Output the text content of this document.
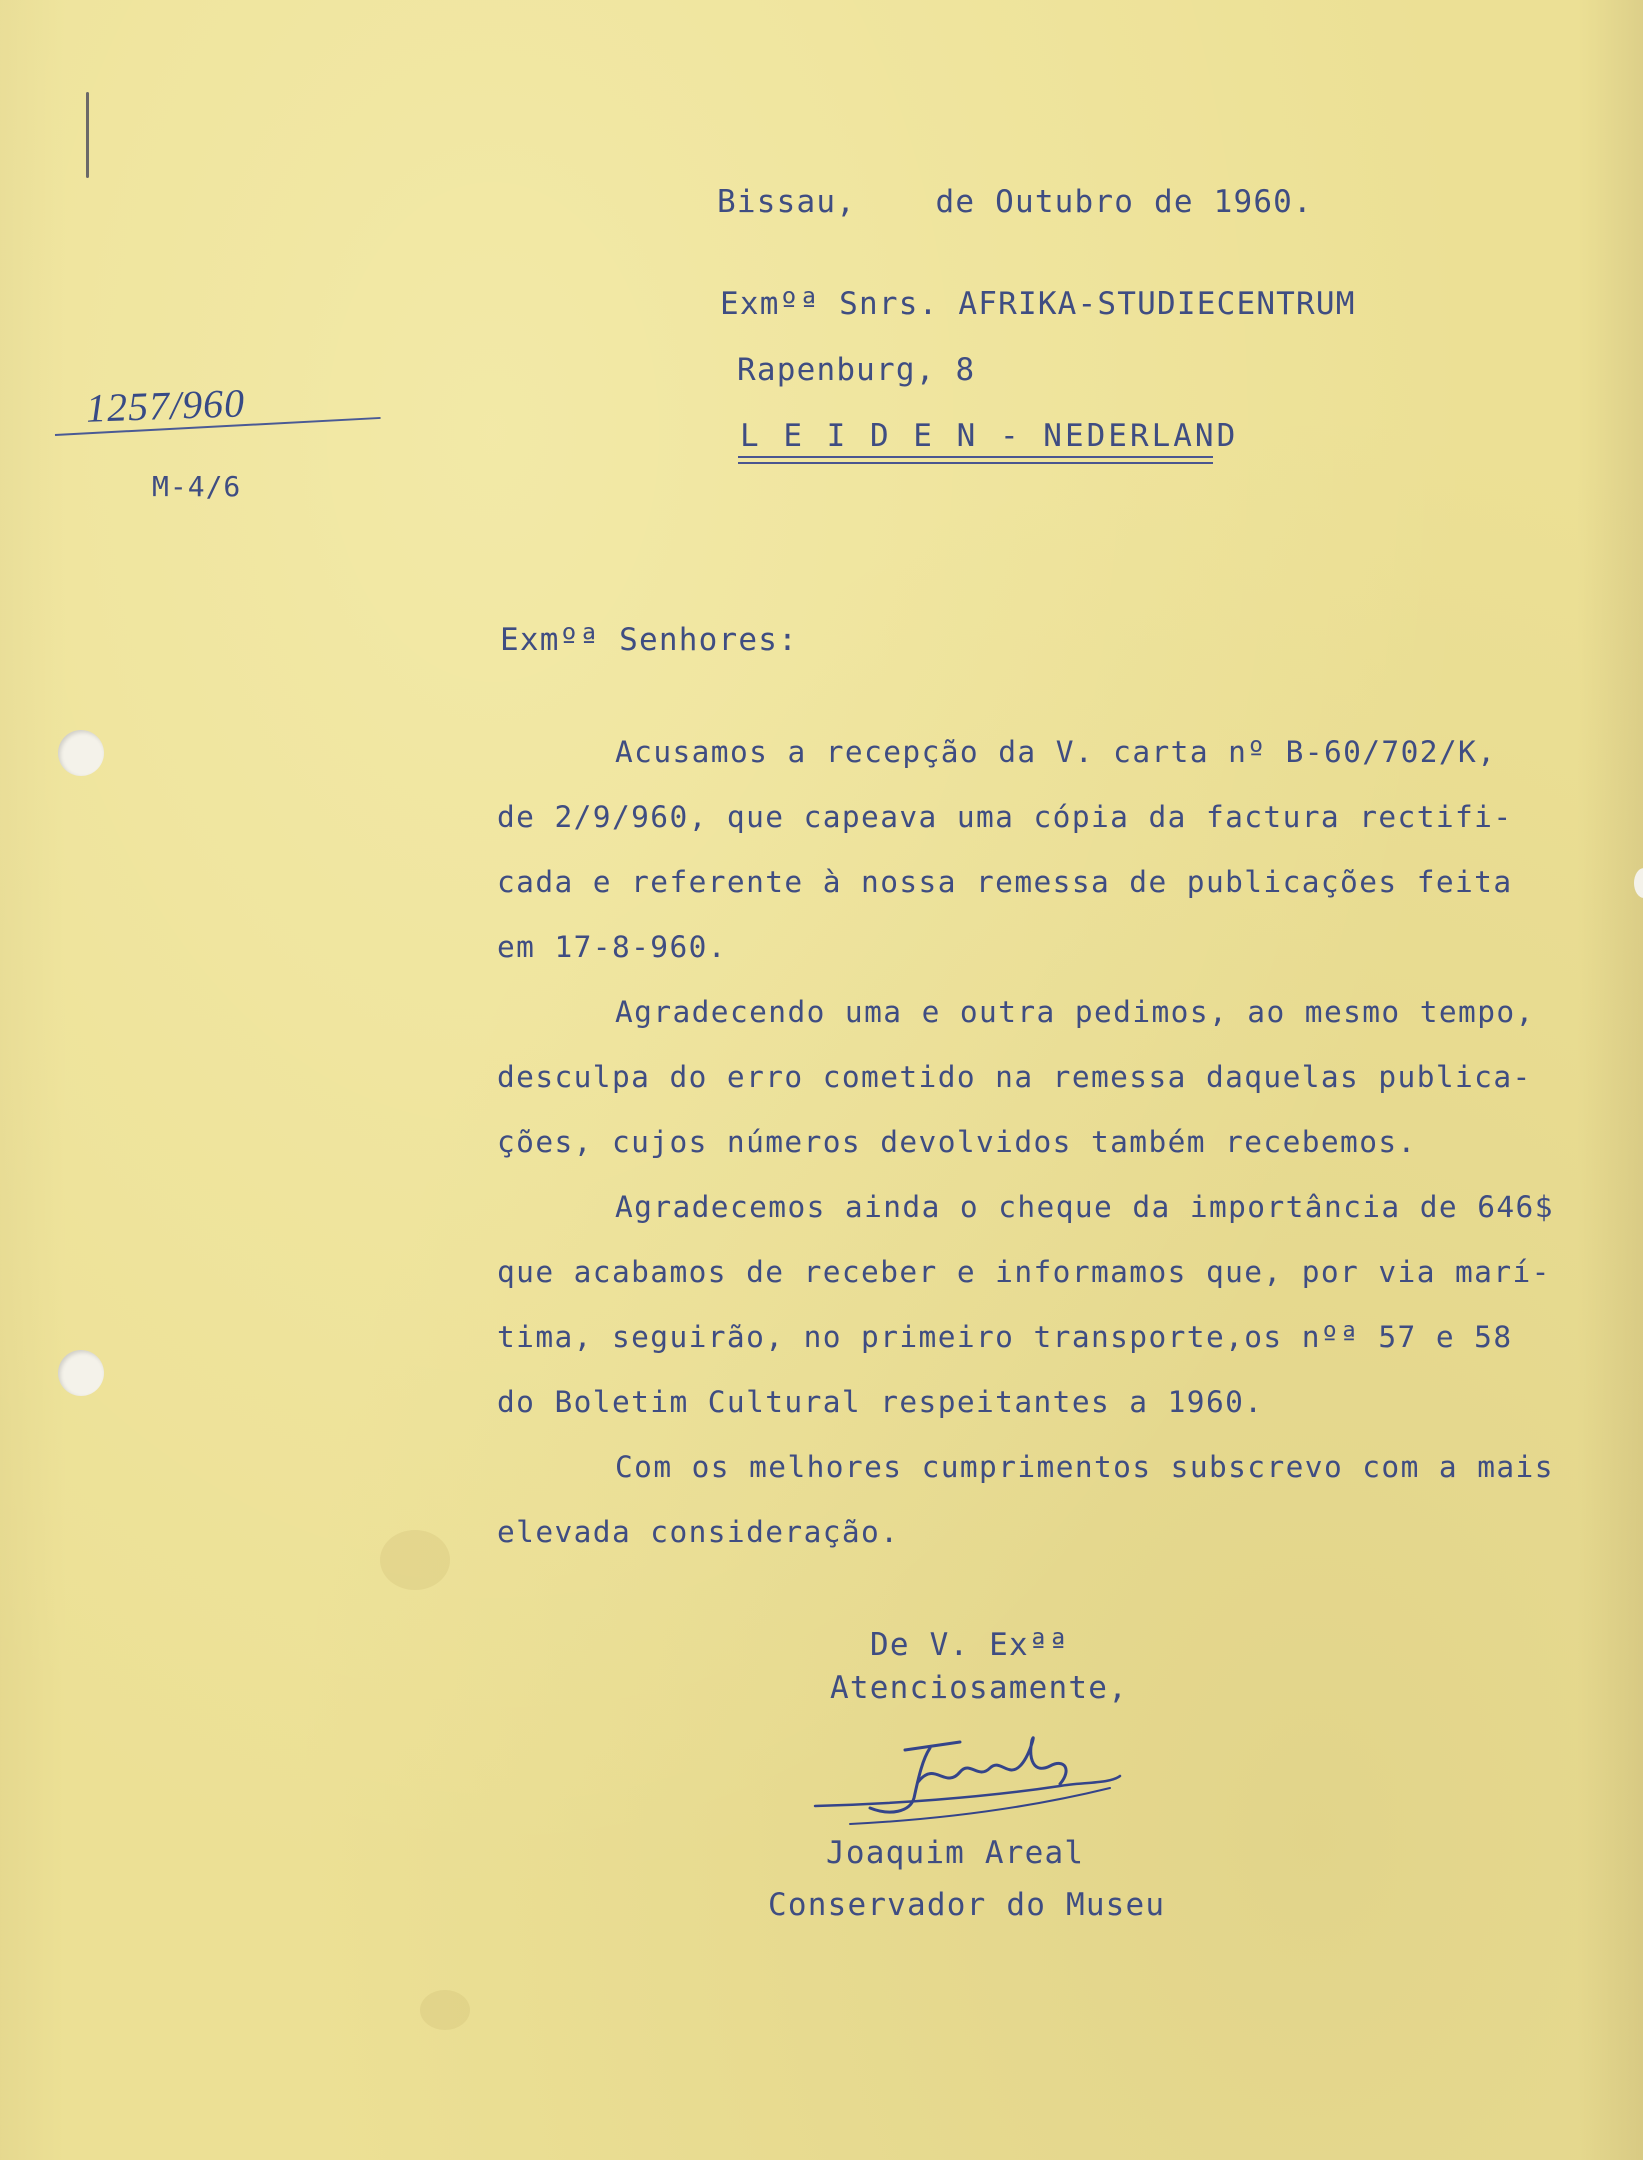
Bissau,    de Outubro de 1960.
Exmºª Snrs. AFRIKA-STUDIECENTRUM
Rapenburg, 8
L E I D E N - NEDERLAND
1257/960
M-4/6
Exmºª Senhores:

Acusamos a recepção da V. carta nº B-60/702/K,
de 2/9/960, que capeava uma cópia da factura rectifi-
cada e referente à nossa remessa de publicações feita
em 17-8-960.

Agradecendo uma e outra pedimos, ao mesmo tempo,
desculpa do erro cometido na remessa daquelas publica-
ções, cujos números devolvidos também recebemos.

Agradecemos ainda o cheque da importância de 646$
que acabamos de receber e informamos que, por via marí-
tima, seguirão, no primeiro transporte,os nºª 57 e 58
do Boletim Cultural respeitantes a 1960.

Com os melhores cumprimentos subscrevo com a mais
elevada consideração.

De V. Exªª
Atenciosamente,
Joaquim Areal
Conservador do Museu
